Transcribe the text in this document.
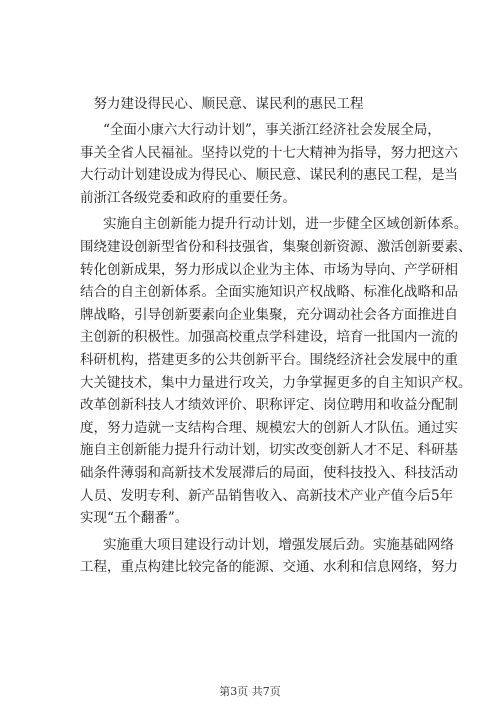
努力建设得民心、顺民意、谋民利的惠民工程

“全面小康六大行动计划”，事关浙江经济社会发展全局，
事关全省人民福祉。坚持以党的十七大精神为指导，努力把这六
大行动计划建设成为得民心、顺民意、谋民利的惠民工程，是当
前浙江各级党委和政府的重要任务。

实施自主创新能力提升行动计划，进一步健全区域创新体系。
围绕建设创新型省份和科技强省，集聚创新资源、激活创新要素、
转化创新成果，努力形成以企业为主体、市场为导向、产学研相
结合的自主创新体系。全面实施知识产权战略、标准化战略和品
牌战略，引导创新要素向企业集聚，充分调动社会各方面推进自
主创新的积极性。加强高校重点学科建设，培育一批国内一流的
科研机构，搭建更多的公共创新平台。围绕经济社会发展中的重
大关键技术，集中力量进行攻关，力争掌握更多的自主知识产权。
改革创新科技人才绩效评价、职称评定、岗位聘用和收益分配制
度，努力造就一支结构合理、规模宏大的创新人才队伍。通过实
施自主创新能力提升行动计划，切实改变创新人才不足、科研基
础条件薄弱和高新技术发展滞后的局面，使科技投入、科技活动
人员、发明专利、新产品销售收入、高新技术产业产值今后5年
实现“五个翻番”。

实施重大项目建设行动计划，增强发展后劲。实施基础网络
工程，重点构建比较完备的能源、交通、水利和信息网络，努力

第3页 共7页
